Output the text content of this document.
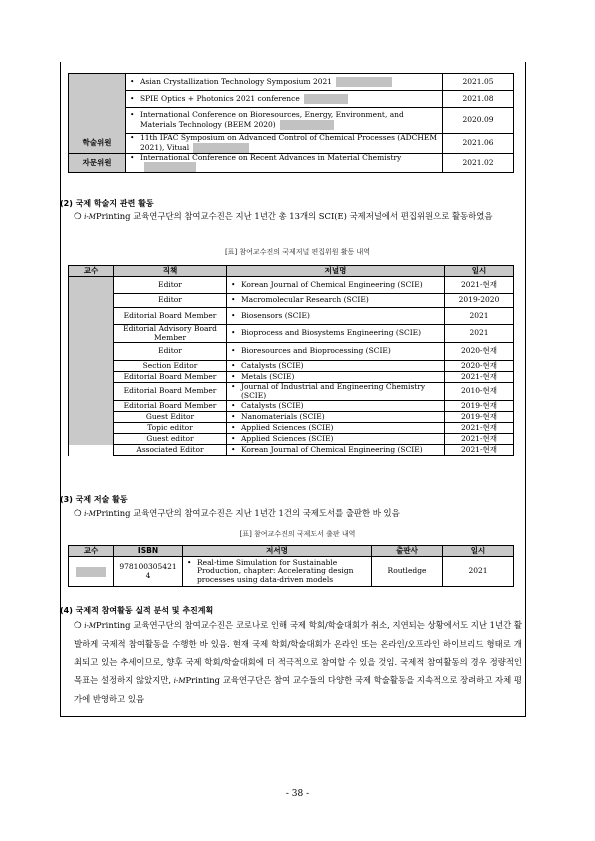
	• Asian Crystallization Technology Symposium 2021	2021.05
	• SPIE Optics + Photonics 2021 conference	2021.08
	• International Conference on Bioresources, Energy, Environment, and Materials Technology (BEEM 2020)	2020.09
학술위원	• 11th IFAC Symposium on Advanced Control of Chemical Processes (ADCHEM 2021), Vitual	2021.06
자문위원	• International Conference on Recent Advances in Material Chemistry	2021.02
(2) 국제 학술지 관련 활동
❍ i-MPrinting 교육연구단의 참여교수진은 지난 1년간 총 13개의 SCI(E) 국제저널에서 편집위원으로 활동하였음
[표] 참여교수진의 국제저널 편집위원 활동 내역
교수	직책	저널명	일시
	Editor	• Korean Journal of Chemical Engineering (SCIE)	2021-현재
	Editor	• Macromolecular Research (SCIE)	2019-2020
	Editorial Board Member	• Biosensors (SCIE)	2021
	Editorial Advisory Board Member	• Bioprocess and Biosystems Engineering (SCIE)	2021
	Editor	• Bioresources and Bioprocessing (SCIE)	2020-현재
	Section Editor	• Catalysts (SCIE)	2020-현재
	Editorial Board Member	• Metals (SCIE)	2021-현재
	Editorial Board Member	• Journal of Industrial and Engineering Chemistry (SCIE)	2010-현재
	Editorial Board Member	• Catalysts (SCIE)	2019-현재
	Guest Editor	• Nanomaterials (SCIE)	2019-현재
	Topic editor	• Applied Sciences (SCIE)	2021-현재
	Guest editor	• Applied Sciences (SCIE)	2021-현재
	Associated Editor	• Korean Journal of Chemical Engineering (SCIE)	2021-현재
(3) 국제 저술 활동
❍ i-MPrinting 교육연구단의 참여교수진은 지난 1년간 1건의 국제도서를 출판한 바 있음
[표] 참여교수진의 국제도서 출판 내역
교수	ISBN	저서명	출판사	일시
	9781003054214	• Real-time Simulation for Sustainable Production, chapter: Accelerating design processes using data-driven models	Routledge	2021
(4) 국제적 참여활동 실적 분석 및 추진계획
❍ i-MPrinting 교육연구단의 참여교수진은 코로나로 인해 국제 학회/학술대회가 취소, 지연되는 상황에서도 지난 1년간 활발하게 국제적 참여활동을 수행한 바 있음. 현재 국제 학회/학술대회가 온라인 또는 온라인/오프라인 하이브리드 형태로 개최되고 있는 추세이므로, 향후 국제 학회/학술대회에 더 적극적으로 참여할 수 있을 것임. 국제적 참여활동의 경우 정량적인 목표는 설정하지 않았지만, i-MPrinting 교육연구단은 참여 교수들의 다양한 국제 학술활동을 지속적으로 장려하고 자체 평가에 반영하고 있음
- 38 -
